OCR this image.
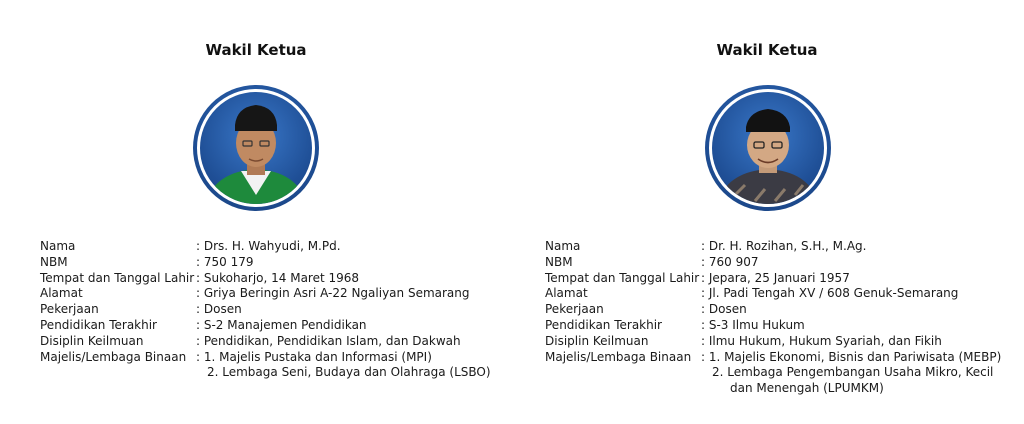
Wakil Ketua
Nama	: Drs. H. Wahyudi, M.Pd.
NBM	: 750 179
Tempat dan Tanggal Lahir : Sukoharjo, 14 Maret 1968
Alamat	: Griya Beringin Asri A-22 Ngaliyan Semarang
Pekerjaan	: Dosen
Pendidikan Terakhir	: S-2 Manajemen Pendidikan
Disiplin Keilmuan	: Pendidikan, Pendidikan Islam, dan Dakwah
Majelis/Lembaga Binaan : 1. Majelis Pustaka dan Informasi (MPI)
2. Lembaga Seni, Budaya dan Olahraga (LSBO)
Wakil Ketua
Nama	: Dr. H. Rozihan, S.H., M.Ag.
NBM	: 760 907
Tempat dan Tanggal Lahir : Jepara, 25 Januari 1957
Alamat	: Jl. Padi Tengah XV / 608 Genuk-Semarang
Pekerjaan	: Dosen
Pendidikan Terakhir	: S-3 Ilmu Hukum
Disiplin Keilmuan	: Ilmu Hukum, Hukum Syariah, dan Fikih
Majelis/Lembaga Binaan : 1. Majelis Ekonomi, Bisnis dan Pariwisata (MEBP)
2. Lembaga Pengembangan Usaha Mikro, Kecil
dan Menengah (LPUMKM)
